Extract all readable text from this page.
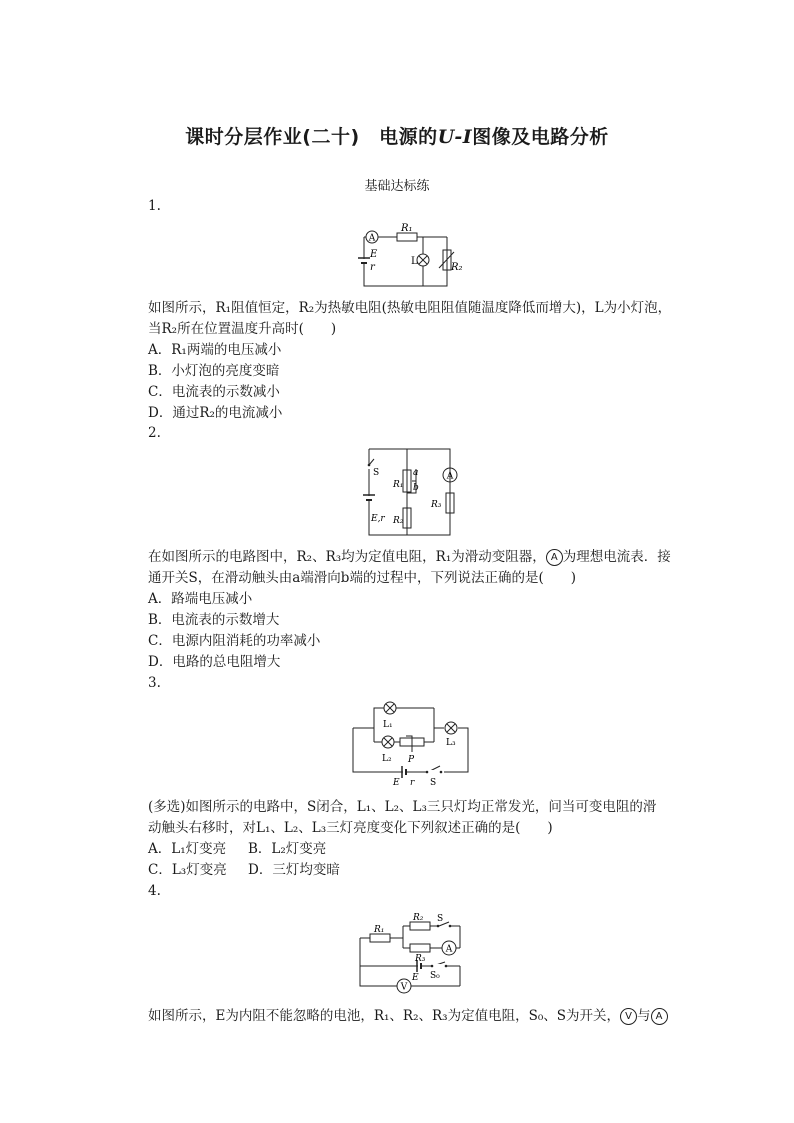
课时分层作业(二十)　电源的U-I图像及电路分析
基础达标练
1.
A
R₁
E
r
L
R₂
如图所示，R₁阻值恒定，R₂为热敏电阻(热敏电阻阻值随温度降低而增大)，L为小灯泡，
当R₂所在位置温度升高时(　　)
A．R₁两端的电压减小
B．小灯泡的亮度变暗
C．电流表的示数减小
D．通过R₂的电流减小
2.
S	A
a
R₁ b
R₃
E,r R₂
在如图所示的电路图中，R₂、R₃均为定值电阻，R₁为滑动变阻器， A 为理想电流表．接
通开关S，在滑动触头由a端滑向b端的过程中，下列说法正确的是(　　)
A．路端电压减小
B．电流表的示数增大
C．电源内阻消耗的功率减小
D．电路的总电阻增大
3.
L₁
L₂
L₃
P
E r S
(多选)如图所示的电路中，S闭合，L₁、L₂、L₃三只灯均正常发光，问当可变电阻的滑
动触头右移时，对L₁、L₂、L₃三灯亮度变化下列叙述正确的是(　　)
A．L₁灯变亮 B．L₂灯变亮
C．L₃灯变亮 D．三灯均变暗
4.
R₂ S
R₁
A
R₃
V
E S₀
如图所示，E为内阻不能忽略的电池，R₁、R₂、R₃为定值电阻，S₀、S为开关， V 与 A
